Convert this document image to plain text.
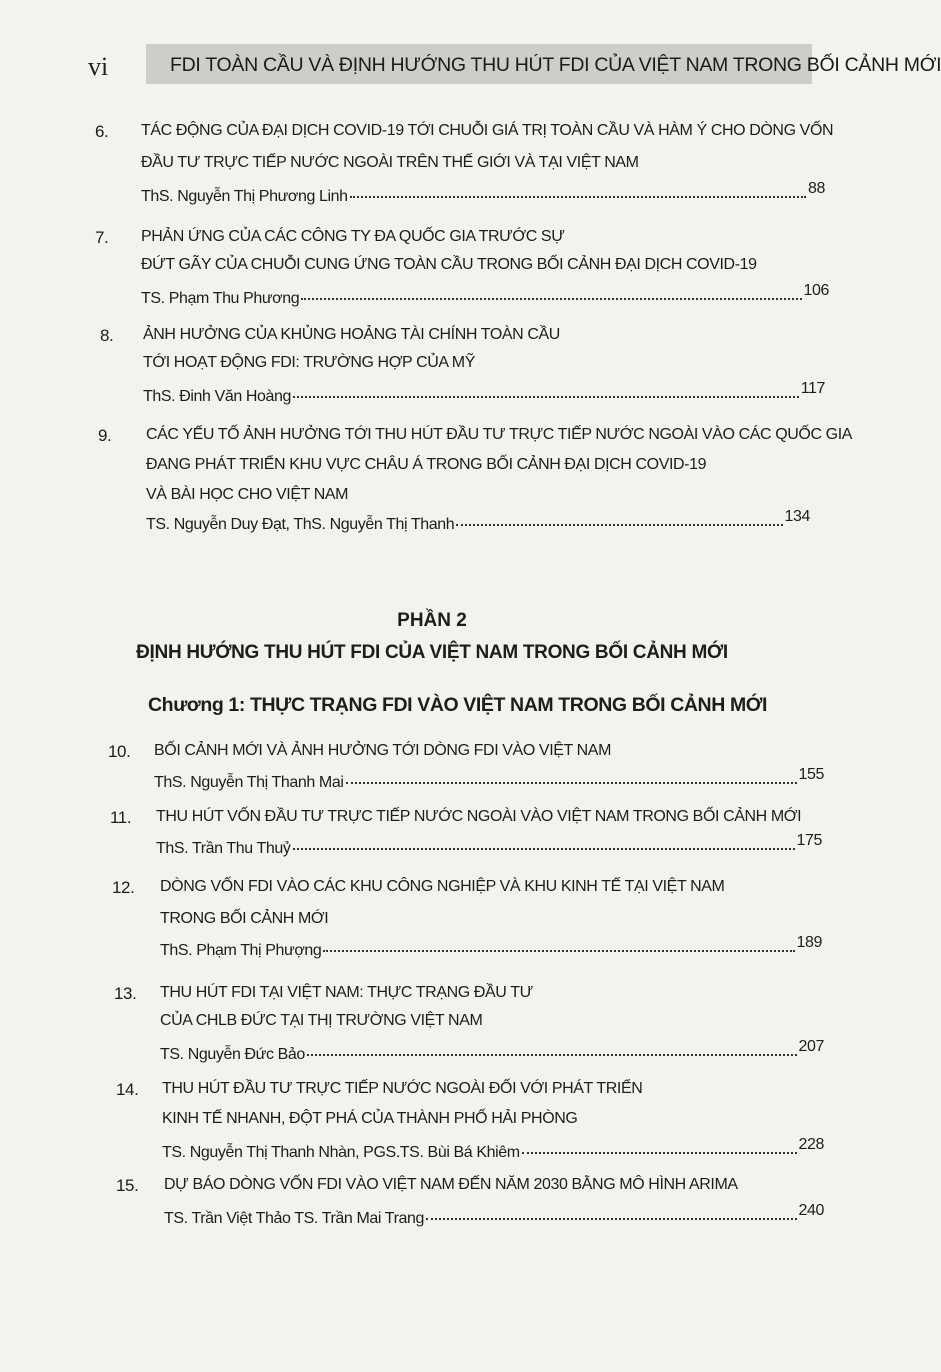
vi	FDI TOÀN CẦU VÀ ĐỊNH HƯỚNG THU HÚT FDI CỦA VIỆT NAM TRONG BỐI CẢNH MỚI
6. TÁC ĐỘNG CỦA ĐẠI DỊCH COVID-19 TỚI CHUỖI GIÁ TRỊ TOÀN CẦU VÀ HÀM Ý CHO DÒNG VỐN
ĐẦU TƯ TRỰC TIẾP NƯỚC NGOÀI TRÊN THẾ GIỚI VÀ TẠI VIỆT NAM
ThS. Nguyễn Thị Phương Linh	88
7. PHẢN ỨNG CỦA CÁC CÔNG TY ĐA QUỐC GIA TRƯỚC SỰ
ĐỨT GÃY CỦA CHUỖI CUNG ỨNG TOÀN CẦU TRONG BỐI CẢNH ĐẠI DỊCH COVID-19
TS. Phạm Thu Phương	106
8. ẢNH HƯỞNG CỦA KHỦNG HOẢNG TÀI CHÍNH TOÀN CẦU
TỚI HOẠT ĐỘNG FDI: TRƯỜNG HỢP CỦA MỸ
ThS. Đinh Văn Hoàng	117
9. CÁC YẾU TỐ ẢNH HƯỞNG TỚI THU HÚT ĐẦU TƯ TRỰC TIẾP NƯỚC NGOÀI VÀO CÁC QUỐC GIA
ĐANG PHÁT TRIỂN KHU VỰC CHÂU Á TRONG BỐI CẢNH ĐẠI DỊCH COVID-19
VÀ BÀI HỌC CHO VIỆT NAM
TS. Nguyễn Duy Đạt, ThS. Nguyễn Thị Thanh	134
PHẦN 2
ĐỊNH HƯỚNG THU HÚT FDI CỦA VIỆT NAM TRONG BỐI CẢNH MỚI
Chương 1: THỰC TRẠNG FDI VÀO VIỆT NAM TRONG BỐI CẢNH MỚI
10. BỐI CẢNH MỚI VÀ ẢNH HƯỞNG TỚI DÒNG FDI VÀO VIỆT NAM
ThS. Nguyễn Thị Thanh Mai	155
11. THU HÚT VỐN ĐẦU TƯ TRỰC TIẾP NƯỚC NGOÀI VÀO VIỆT NAM TRONG BỐI CẢNH MỚI
ThS. Trần Thu Thuỷ	175
12. DÒNG VỐN FDI VÀO CÁC KHU CÔNG NGHIỆP VÀ KHU KINH TẾ TẠI VIỆT NAM
TRONG BỐI CẢNH MỚI
ThS. Phạm Thị Phượng	189
13. THU HÚT FDI TẠI VIỆT NAM: THỰC TRẠNG ĐẦU TƯ
CỦA CHLB ĐỨC TẠI THỊ TRƯỜNG VIỆT NAM
TS. Nguyễn Đức Bảo	207
14. THU HÚT ĐẦU TƯ TRỰC TIẾP NƯỚC NGOÀI ĐỐI VỚI PHÁT TRIỂN
KINH TẾ NHANH, ĐỘT PHÁ CỦA THÀNH PHỐ HẢI PHÒNG
TS. Nguyễn Thị Thanh Nhàn, PGS.TS. Bùi Bá Khiêm	228
15. DỰ BÁO DÒNG VỐN FDI VÀO VIỆT NAM ĐẾN NĂM 2030 BẰNG MÔ HÌNH ARIMA
TS. Trần Việt Thảo TS. Trần Mai Trang	240
